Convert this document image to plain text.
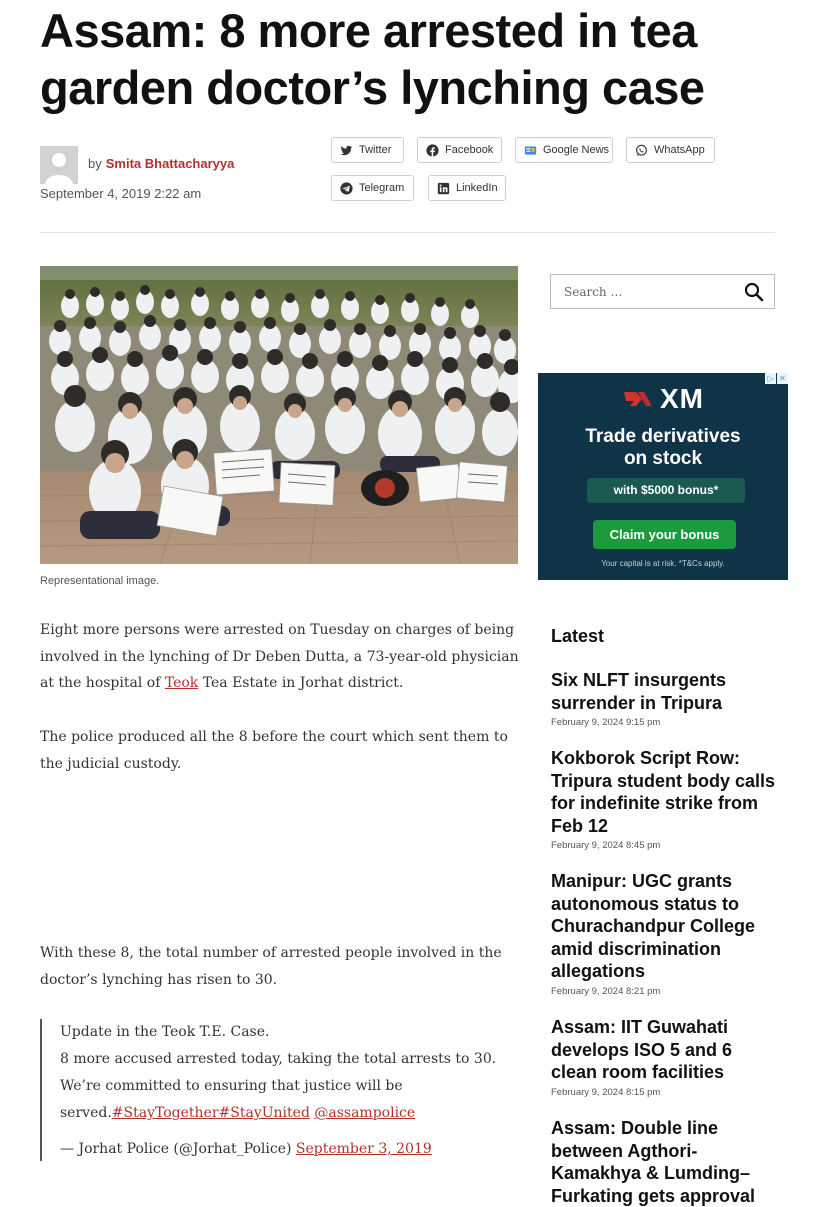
Assam: 8 more arrested in tea garden doctor’s lynching case
by Smita Bhattacharyya
September 4, 2019 2:22 am
Twitter	Facebook	Google News	WhatsApp
Telegram	LinkedIn
Representational image.

Eight more persons were arrested on Tuesday on charges of being involved in the lynching of Dr Deben Dutta, a 73-year-old physician at the hospital of Teok Tea Estate in Jorhat district.

The police produced all the 8 before the court which sent them to the judicial custody.

With these 8, the total number of arrested people involved in the doctor’s lynching has risen to 30.

Update in the Teok T.E. Case.

8 more accused arrested today, taking the total arrests to 30. We’re committed to ensuring that justice will be served.#StayTogether#StayUnited @assampolice

— Jorhat Police (@Jorhat_Police) September 3, 2019

Search …
▷ ✕
XM
Trade derivatives
on stock
with $5000 bonus*
Claim your bonus
Your capital is at risk. *T&Cs apply.
Latest
Six NLFT insurgents surrender in Tripura
February 9, 2024 9:15 pm
Kokborok Script Row: Tripura student body calls for indefinite strike from Feb 12
February 9, 2024 8:45 pm
Manipur: UGC grants autonomous status to Churachandpur College amid discrimination allegations
February 9, 2024 8:21 pm
Assam: IIT Guwahati develops ISO 5 and 6 clean room facilities
February 9, 2024 8:15 pm
Assam: Double line between Agthori-Kamakhya & Lumding–Furkating gets approval
